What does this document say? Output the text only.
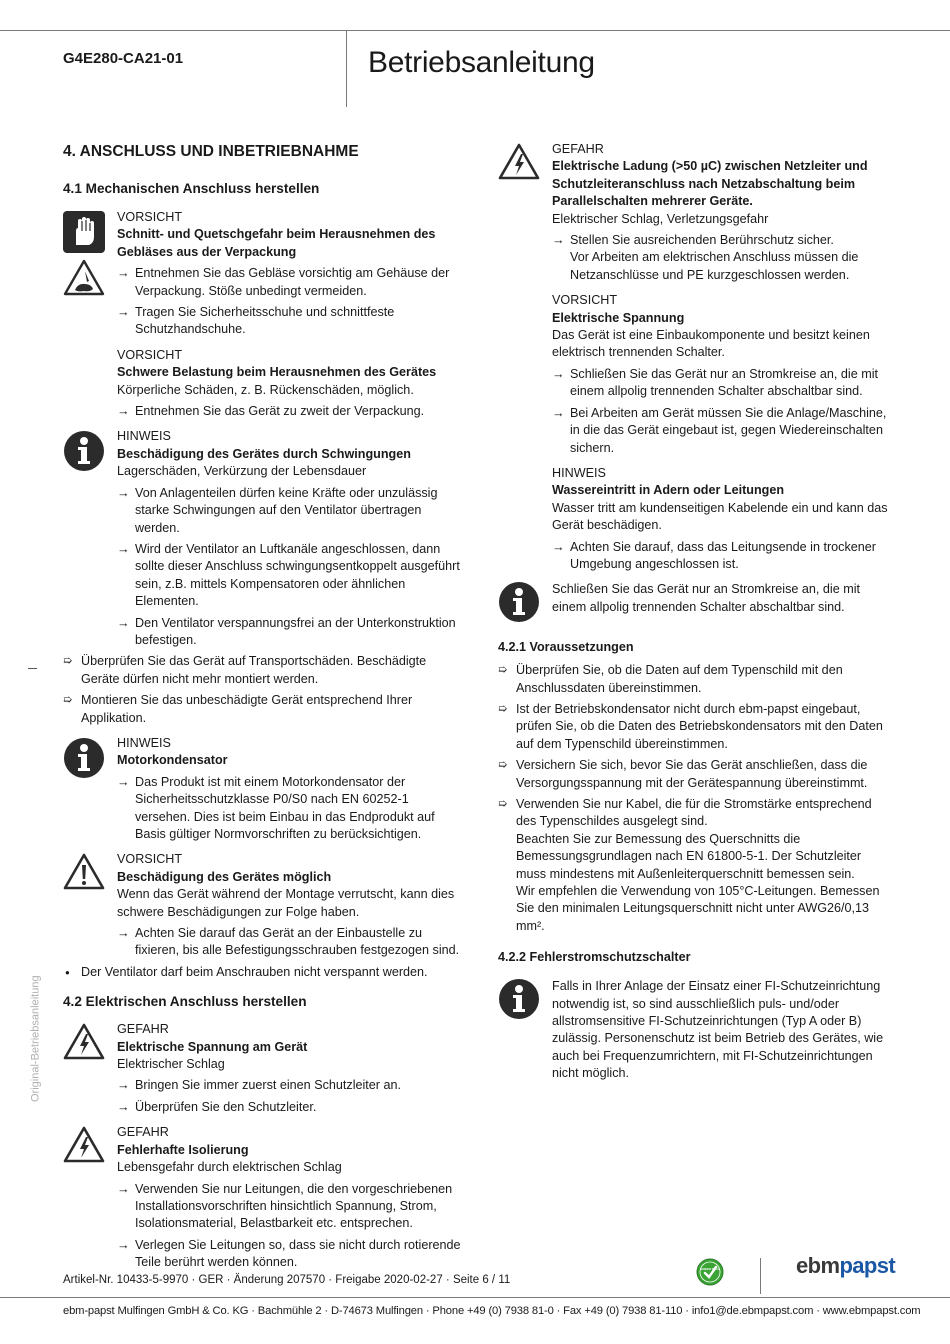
G4E280-CA21-01	Betriebsanleitung
Original-Betriebsanleitung
4. ANSCHLUSS UND INBETRIEBNAHME
4.1 Mechanischen Anschluss herstellen
VORSICHT
Schnitt- und Quetschgefahr beim Herausnehmen des Gebläses aus der Verpackung
→ Entnehmen Sie das Gebläse vorsichtig am Gehäuse der Verpackung. Stöße unbedingt vermeiden.
→ Tragen Sie Sicherheitsschuhe und schnittfeste Schutzhandschuhe.
VORSICHT
Schwere Belastung beim Herausnehmen des Gerätes

Körperliche Schäden, z. B. Rückenschäden, möglich.

→ Entnehmen Sie das Gerät zu zweit der Verpackung.
HINWEIS
Beschädigung des Gerätes durch Schwingungen

Lagerschäden, Verkürzung der Lebensdauer

→ Von Anlagenteilen dürfen keine Kräfte oder unzulässig starke Schwingungen auf den Ventilator übertragen werden.
→ Wird der Ventilator an Luftkanäle angeschlossen, dann sollte dieser Anschluss schwingungsentkoppelt ausgeführt sein, z.B. mittels Kompensatoren oder ähnlichen Elementen.
→ Den Ventilator verspannungsfrei an der Unterkonstruktion befestigen.
➯ Überprüfen Sie das Gerät auf Transportschäden. Beschädigte Geräte dürfen nicht mehr montiert werden.
➯ Montieren Sie das unbeschädigte Gerät entsprechend Ihrer Applikation.
HINWEIS
Motorkondensator
→ Das Produkt ist mit einem Motorkondensator der Sicherheitsschutzklasse P0/S0 nach EN 60252-1 versehen. Dies ist beim Einbau in das Endprodukt auf Basis gültiger Normvorschriften zu berücksichtigen.
VORSICHT
Beschädigung des Gerätes möglich

Wenn das Gerät während der Montage verrutscht, kann dies schwere Beschädigungen zur Folge haben.

→ Achten Sie darauf das Gerät an der Einbaustelle zu fixieren, bis alle Befestigungsschrauben festgezogen sind.
● Der Ventilator darf beim Anschrauben nicht verspannt werden.
4.2 Elektrischen Anschluss herstellen
GEFAHR
Elektrische Spannung am Gerät

Elektrischer Schlag

→ Bringen Sie immer zuerst einen Schutzleiter an.
→ Überprüfen Sie den Schutzleiter.
GEFAHR
Fehlerhafte Isolierung

Lebensgefahr durch elektrischen Schlag

→ Verwenden Sie nur Leitungen, die den vorgeschriebenen Installationsvorschriften hinsichtlich Spannung, Strom, Isolationsmaterial, Belastbarkeit etc. entsprechen.
→ Verlegen Sie Leitungen so, dass sie nicht durch rotierende Teile berührt werden können.
GEFAHR
Elektrische Ladung (>50 µC) zwischen Netzleiter und Schutzleiteranschluss nach Netzabschaltung beim Parallelschalten mehrerer Geräte.

Elektrischer Schlag, Verletzungsgefahr

→ Stellen Sie ausreichenden Berührschutz sicher.
Vor Arbeiten am elektrischen Anschluss müssen die Netzanschlüsse und PE kurzgeschlossen werden.
VORSICHT
Elektrische Spannung

Das Gerät ist eine Einbaukomponente und besitzt keinen elektrisch trennenden Schalter.

→ Schließen Sie das Gerät nur an Stromkreise an, die mit einem allpolig trennenden Schalter abschaltbar sind.
→ Bei Arbeiten am Gerät müssen Sie die Anlage/Maschine, in die das Gerät eingebaut ist, gegen Wiedereinschalten sichern.
HINWEIS
Wassereintritt in Adern oder Leitungen

Wasser tritt am kundenseitigen Kabelende ein und kann das Gerät beschädigen.

→ Achten Sie darauf, dass das Leitungsende in trockener Umgebung angeschlossen ist.

Schließen Sie das Gerät nur an Stromkreise an, die mit einem allpolig trennenden Schalter abschaltbar sind.

4.2.1 Voraussetzungen
➯ Überprüfen Sie, ob die Daten auf dem Typenschild mit den Anschlussdaten übereinstimmen.
➯ Ist der Betriebskondensator nicht durch ebm-papst eingebaut, prüfen Sie, ob die Daten des Betriebskondensators mit den Daten auf dem Typenschild übereinstimmen.
➯ Versichern Sie sich, bevor Sie das Gerät anschließen, dass die Versorgungsspannung mit der Gerätespannung übereinstimmt.
➯ Verwenden Sie nur Kabel, die für die Stromstärke entsprechend des Typenschildes ausgelegt sind.
Beachten Sie zur Bemessung des Querschnitts die Bemessungsgrundlagen nach EN 61800-5-1. Der Schutzleiter muss mindestens mit Außenleiterquerschnitt bemessen sein.
Wir empfehlen die Verwendung von 105°C-Leitungen. Bemessen Sie den minimalen Leitungsquerschnitt nicht unter AWG26/0,13 mm².
4.2.2 Fehlerstromschutzschalter

Falls in Ihrer Anlage der Einsatz einer FI-Schutzeinrichtung notwendig ist, so sind ausschließlich puls- und/oder allstromsensitive FI-Schutzeinrichtungen (Typ A oder B) zulässig. Personenschutz ist beim Betrieb des Gerätes, wie auch bei Frequenzumrichtern, mit FI-Schutzeinrichtungen nicht möglich.

Artikel-Nr. 10433-5-9970 · GER · Änderung 207570 · Freigabe 2020-02-27 · Seite 6 / 11
GREEN TECH	ebmpapst
ebm-papst Mulfingen GmbH & Co. KG · Bachmühle 2 · D-74673 Mulfingen · Phone +49 (0) 7938 81-0 · Fax +49 (0) 7938 81-110 · info1@de.ebmpapst.com · www.ebmpapst.com
